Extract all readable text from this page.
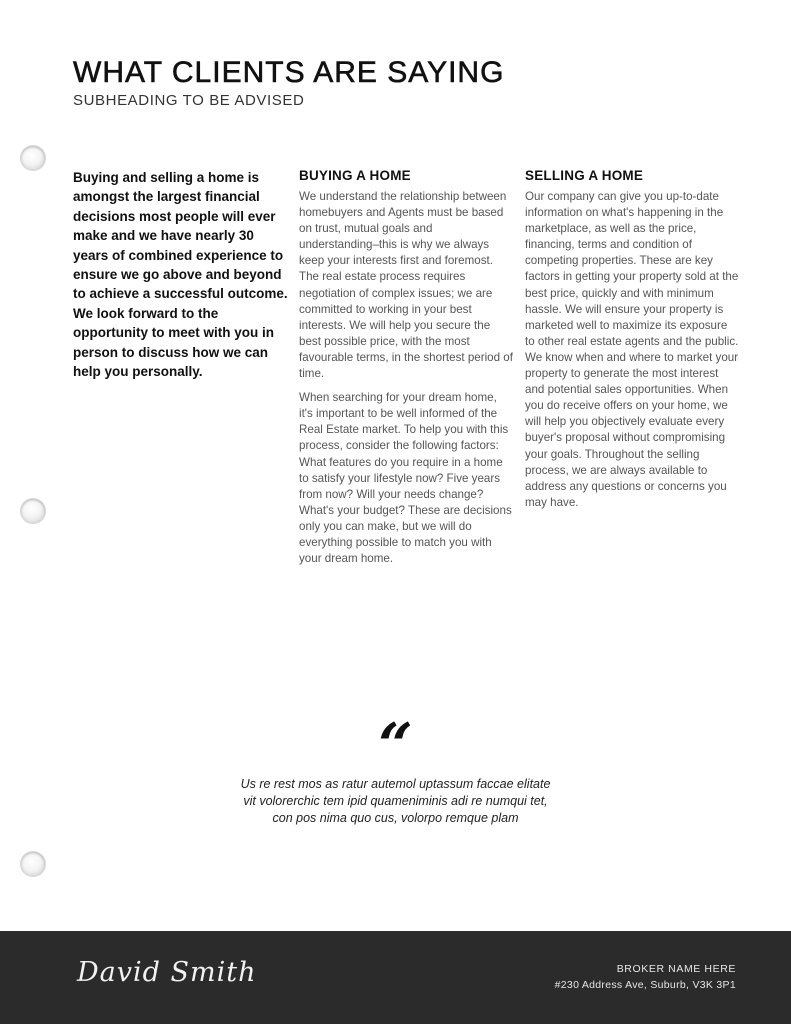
WHAT CLIENTS ARE SAYING
SUBHEADING TO BE ADVISED

Buying and selling a home is amongst the largest financial decisions most people will ever make and we have nearly 30 years of combined experience to ensure we go above and beyond to achieve a successful outcome. We look forward to the opportunity to meet with you in person to discuss how we can help you personally.

BUYING A HOME

We understand the relationship between homebuyers and Agents must be based on trust, mutual goals and understanding–this is why we always keep your interests first and foremost. The real estate process requires negotiation of complex issues; we are committed to working in your best interests. We will help you secure the best possible price, with the most favourable terms, in the shortest period of time.

When searching for your dream home, it's important to be well informed of the Real Estate market. To help you with this process, consider the following factors: What features do you require in a home to satisfy your lifestyle now? Five years from now? Will your needs change? What's your budget? These are decisions only you can make, but we will do everything possible to match you with your dream home.

SELLING A HOME

Our company can give you up-to-date information on what's happening in the marketplace, as well as the price, financing, terms and condition of competing properties. These are key factors in getting your property sold at the best price, quickly and with minimum hassle. We will ensure your property is marketed well to maximize its exposure to other real estate agents and the public. We know when and where to market your property to generate the most interest and potential sales opportunities. When you do receive offers on your home, we will help you objectively evaluate every buyer's proposal without compromising your goals. Throughout the selling process, we are always available to address any questions or concerns you may have.

“

Us re rest mos as ratur autemol uptassum faccae elitate
vit volorerchic tem ipid quameniminis adi re numqui tet,
con pos nima quo cus, volorpo remque plam

David Smith	BROKER NAME HERE
#230 Address Ave, Suburb, V3K 3P1
